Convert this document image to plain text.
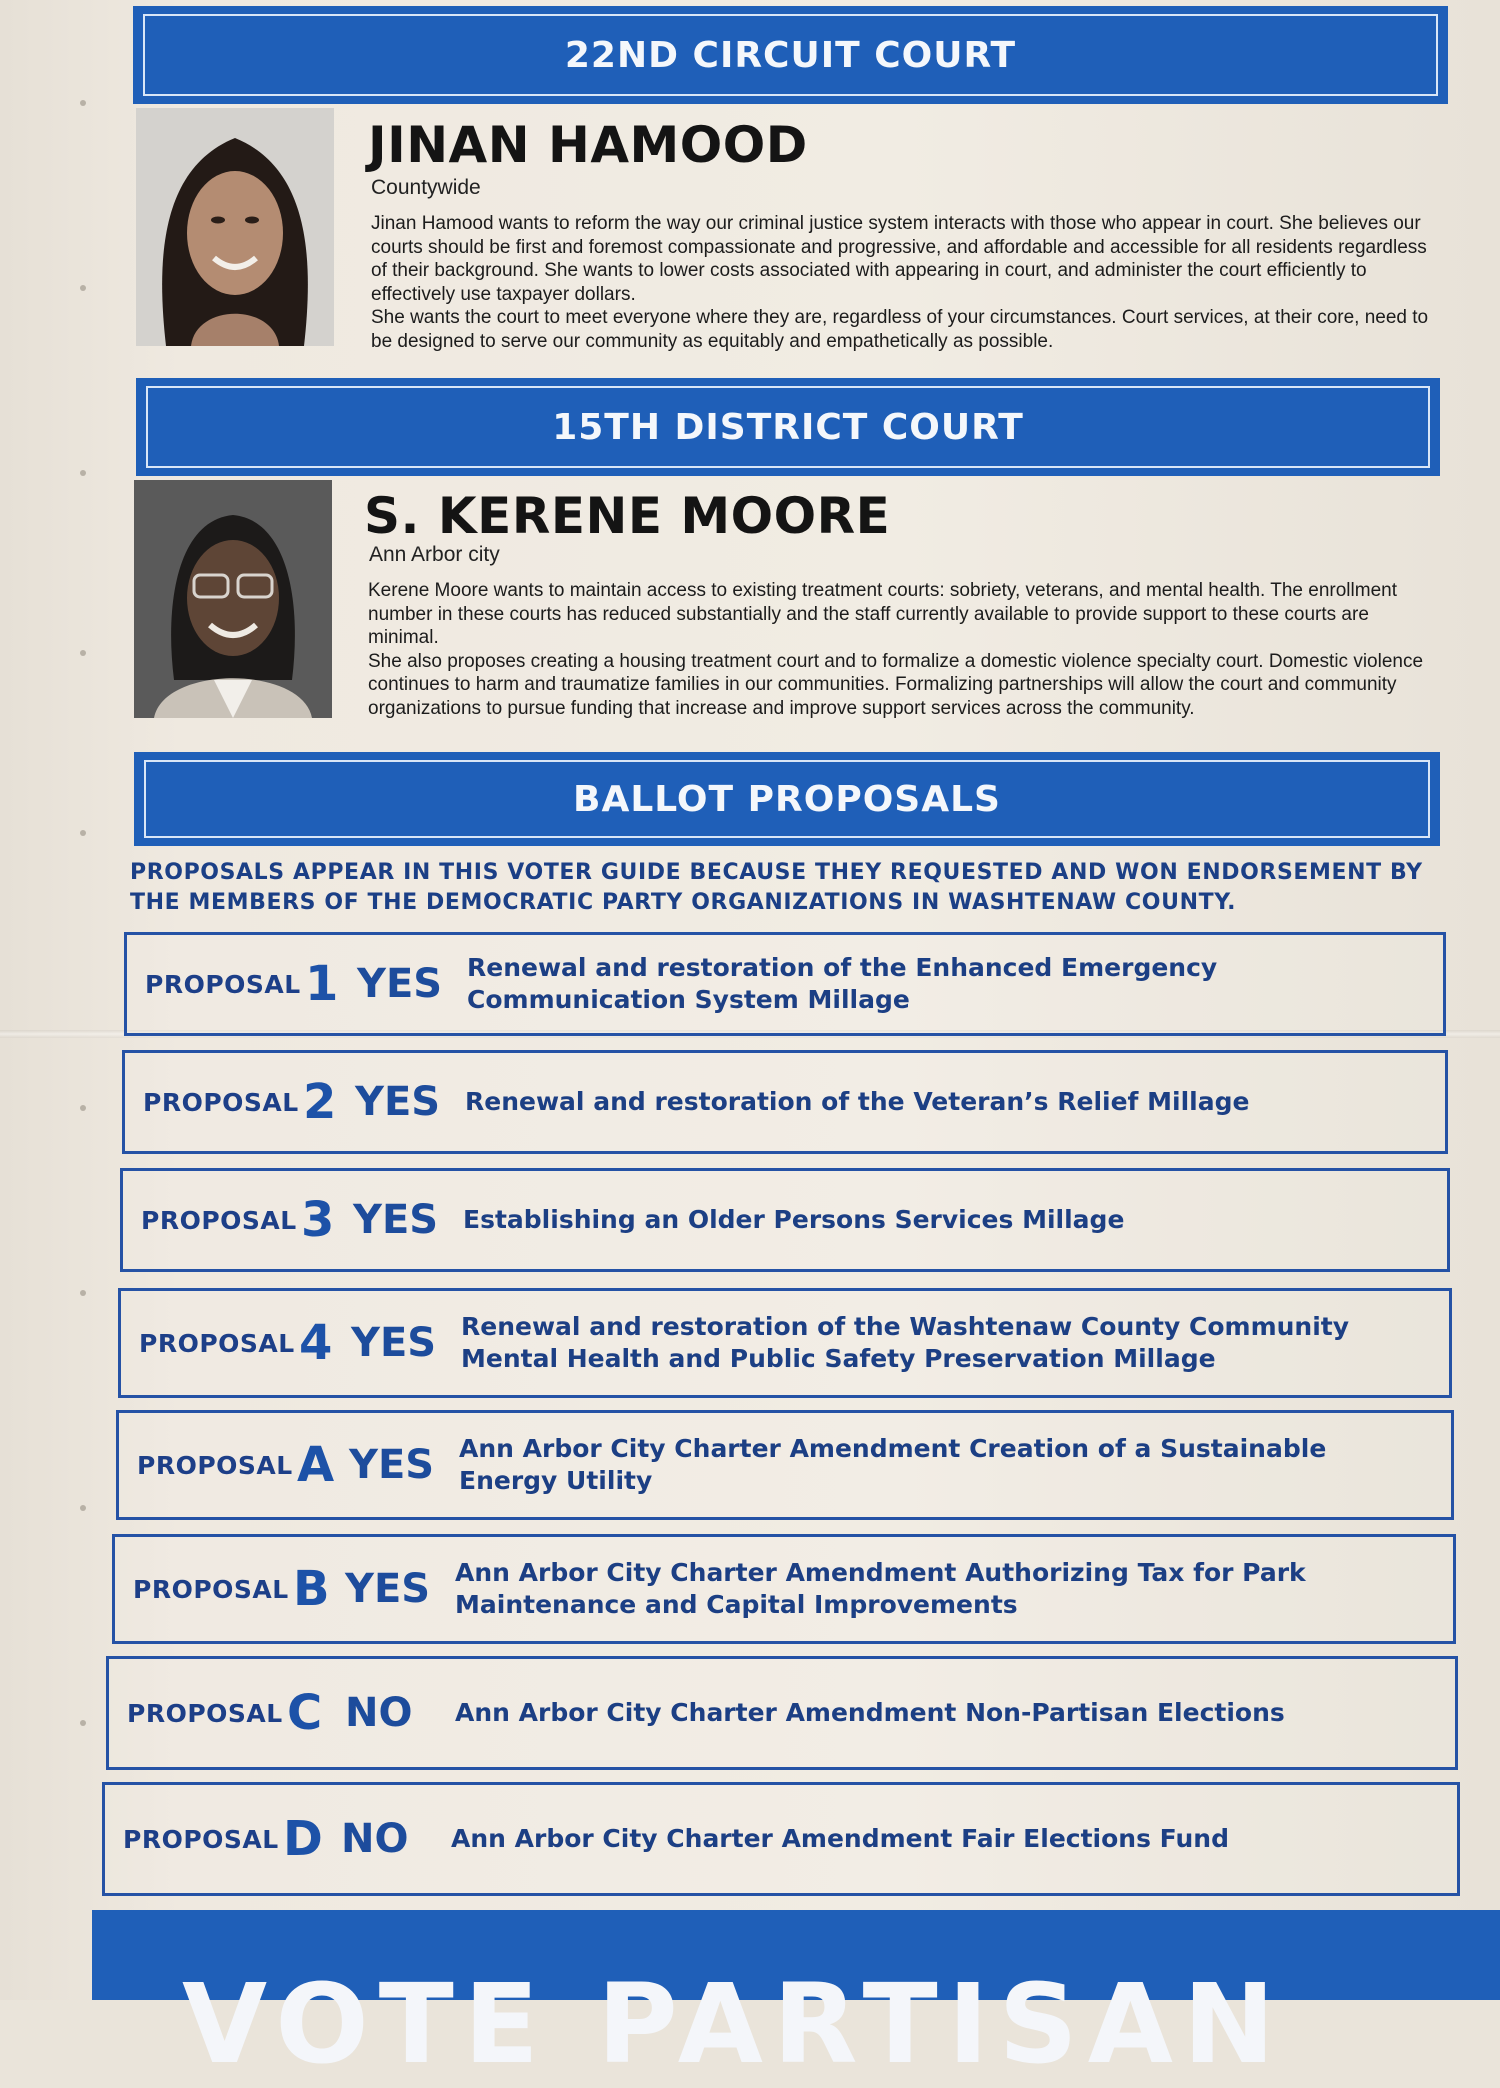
22ND CIRCUIT COURT
JINAN HAMOOD
Countywide

Jinan Hamood wants to reform the way our criminal justice system interacts with those who appear in court. She believes our courts should be first and foremost compassionate and progressive, and affordable and accessible for all residents regardless of their background. She wants to lower costs associated with appearing in court, and administer the court efficiently to effectively use taxpayer dollars.

She wants the court to meet everyone where they are, regardless of your circumstances. Court services, at their core, need to be designed to serve our community as equitably and empathetically as possible.

15TH DISTRICT COURT
S. KERENE MOORE
Ann Arbor city

Kerene Moore wants to maintain access to existing treatment courts: sobriety, veterans, and mental health. The enrollment number in these courts has reduced substantially and the staff currently available to provide support to these courts are minimal.

She also proposes creating a housing treatment court and to formalize a domestic violence specialty court. Domestic violence continues to harm and traumatize families in our communities. Formalizing partnerships will allow the court and community organizations to pursue funding that increase and improve support services across the community.

BALLOT PROPOSALS
PROPOSALS APPEAR IN THIS VOTER GUIDE BECAUSE THEY REQUESTED AND WON ENDORSEMENT BY THE MEMBERS OF THE DEMOCRATIC PARTY ORGANIZATIONS IN WASHTENAW COUNTY.
PROPOSAL 1 YES Renewal and restoration of the Enhanced Emergency Communication System Millage
PROPOSAL 2 YES Renewal and restoration of the Veteran’s Relief Millage
PROPOSAL 3 YES Establishing an Older Persons Services Millage
PROPOSAL 4 YES Renewal and restoration of the Washtenaw County Community Mental Health and Public Safety Preservation Millage
PROPOSAL A YES Ann Arbor City Charter Amendment Creation of a Sustainable Energy Utility
PROPOSAL B YES Ann Arbor City Charter Amendment Authorizing Tax for Park Maintenance and Capital Improvements
PROPOSAL C NO Ann Arbor City Charter Amendment Non-Partisan Elections
PROPOSAL D NO Ann Arbor City Charter Amendment Fair Elections Fund
VOTE PARTISAN
